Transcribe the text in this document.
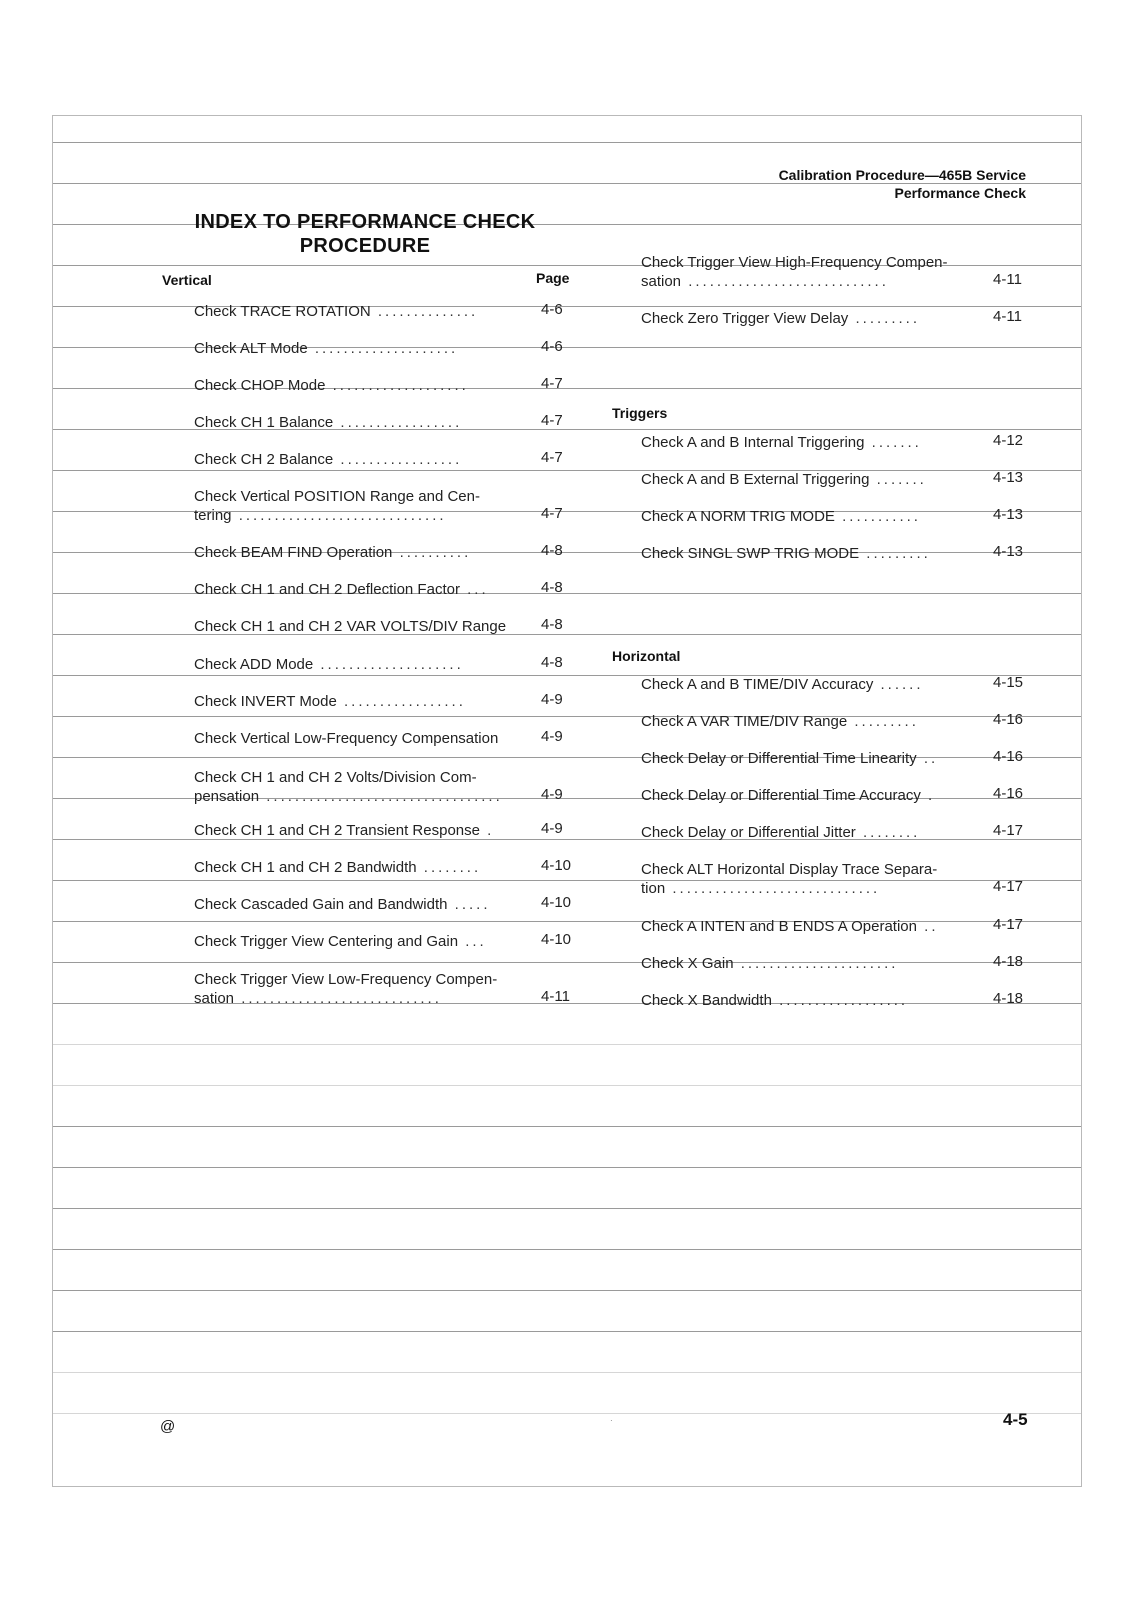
Calibration Procedure—465B Service
Performance Check
INDEX TO PERFORMANCE CHECK
PROCEDURE
Vertical	Page
Triggers
Horizontal
Check TRACE ROTATION ..............	4-6
Check ALT Mode ....................	4-6
Check CHOP Mode ...................	4-7
Check CH 1 Balance .................	4-7
Check CH 2 Balance .................	4-7
Check Vertical POSITION Range and Cen-
tering .............................	4-7
Check BEAM FIND Operation ..........	4-8
Check CH 1 and CH 2 Deflection Factor ...	4-8
Check CH 1 and CH 2 VAR VOLTS/DIV Range	4-8
Check ADD Mode ....................	4-8
Check INVERT Mode .................	4-9
Check Vertical Low-Frequency Compensation	4-9
Check CH 1 and CH 2 Volts/Division Com-
pensation .................................	4-9
Check CH 1 and CH 2 Transient Response .	4-9
Check CH 1 and CH 2 Bandwidth ........	4-10
Check Cascaded Gain and Bandwidth .....	4-10
Check Trigger View Centering and Gain ...	4-10
Check Trigger View Low-Frequency Compen-
sation ............................	4-11
Check Trigger View High-Frequency Compen-
sation ............................	4-11
Check Zero Trigger View Delay .........	4-11
Check A and B Internal Triggering .......	4-12
Check A and B External Triggering .......	4-13
Check A NORM TRIG MODE ...........	4-13
Check SINGL SWP TRIG MODE .........	4-13
Check A and B TIME/DIV Accuracy ......	4-15
Check A VAR TIME/DIV Range .........	4-16
Check Delay or Differential Time Linearity ..	4-16
Check Delay or Differential Time Accuracy .	4-16
Check Delay or Differential Jitter ........	4-17
Check ALT Horizontal Display Trace Separa-
tion .............................	4-17
Check A INTEN and B ENDS A Operation ..	4-17
Check X Gain ......................	4-18
Check X Bandwidth ..................	4-18
@	·	4-5
